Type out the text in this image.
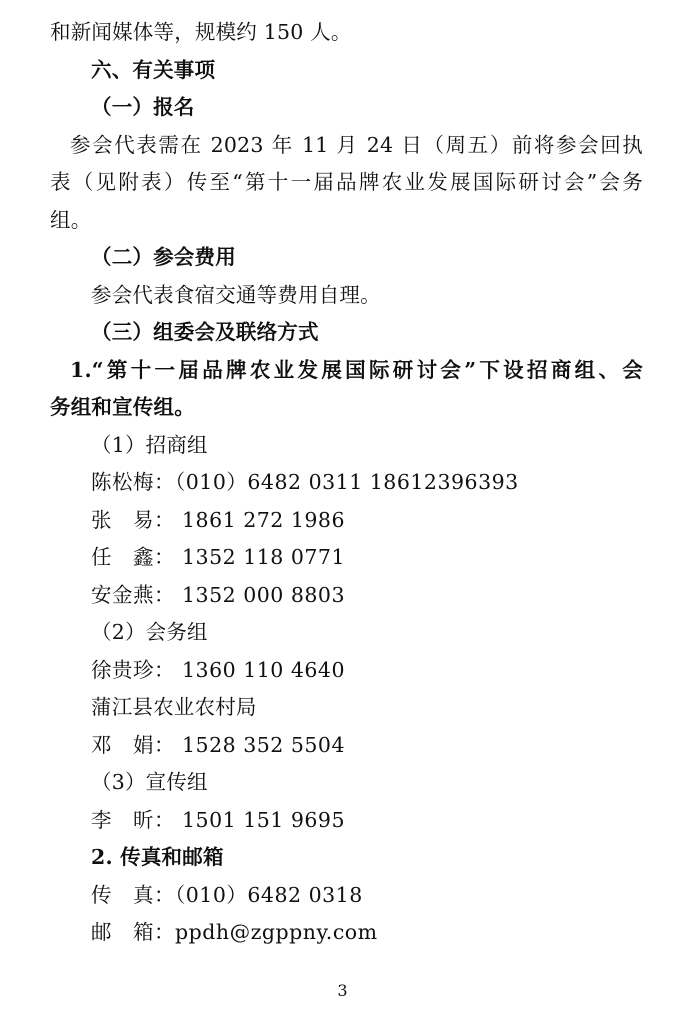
和新闻媒体等，规模约 150 人。
六、有关事项
（一）报名
参会代表需在 2023 年 11 月 24 日（周五）前将参会回执
表（见附表）传至“第十一届品牌农业发展国际研讨会”会务
组。
（二）参会费用
参会代表食宿交通等费用自理。
（三）组委会及联络方式
1.“第十一届品牌农业发展国际研讨会”下设招商组、会
务组和宣传组。
（1）招商组
陈松梅：（010）6482 0311 18612396393
张　易： 1861 272 1986
任　鑫： 1352 118 0771
安金燕： 1352 000 8803
（2）会务组
徐贵珍： 1360 110 4640
蒲江县农业农村局
邓　娟： 1528 352 5504
（3）宣传组
李　昕： 1501 151 9695
2. 传真和邮箱
传　真：（010）6482 0318
邮　箱：ppdh@zgppny.com
3
